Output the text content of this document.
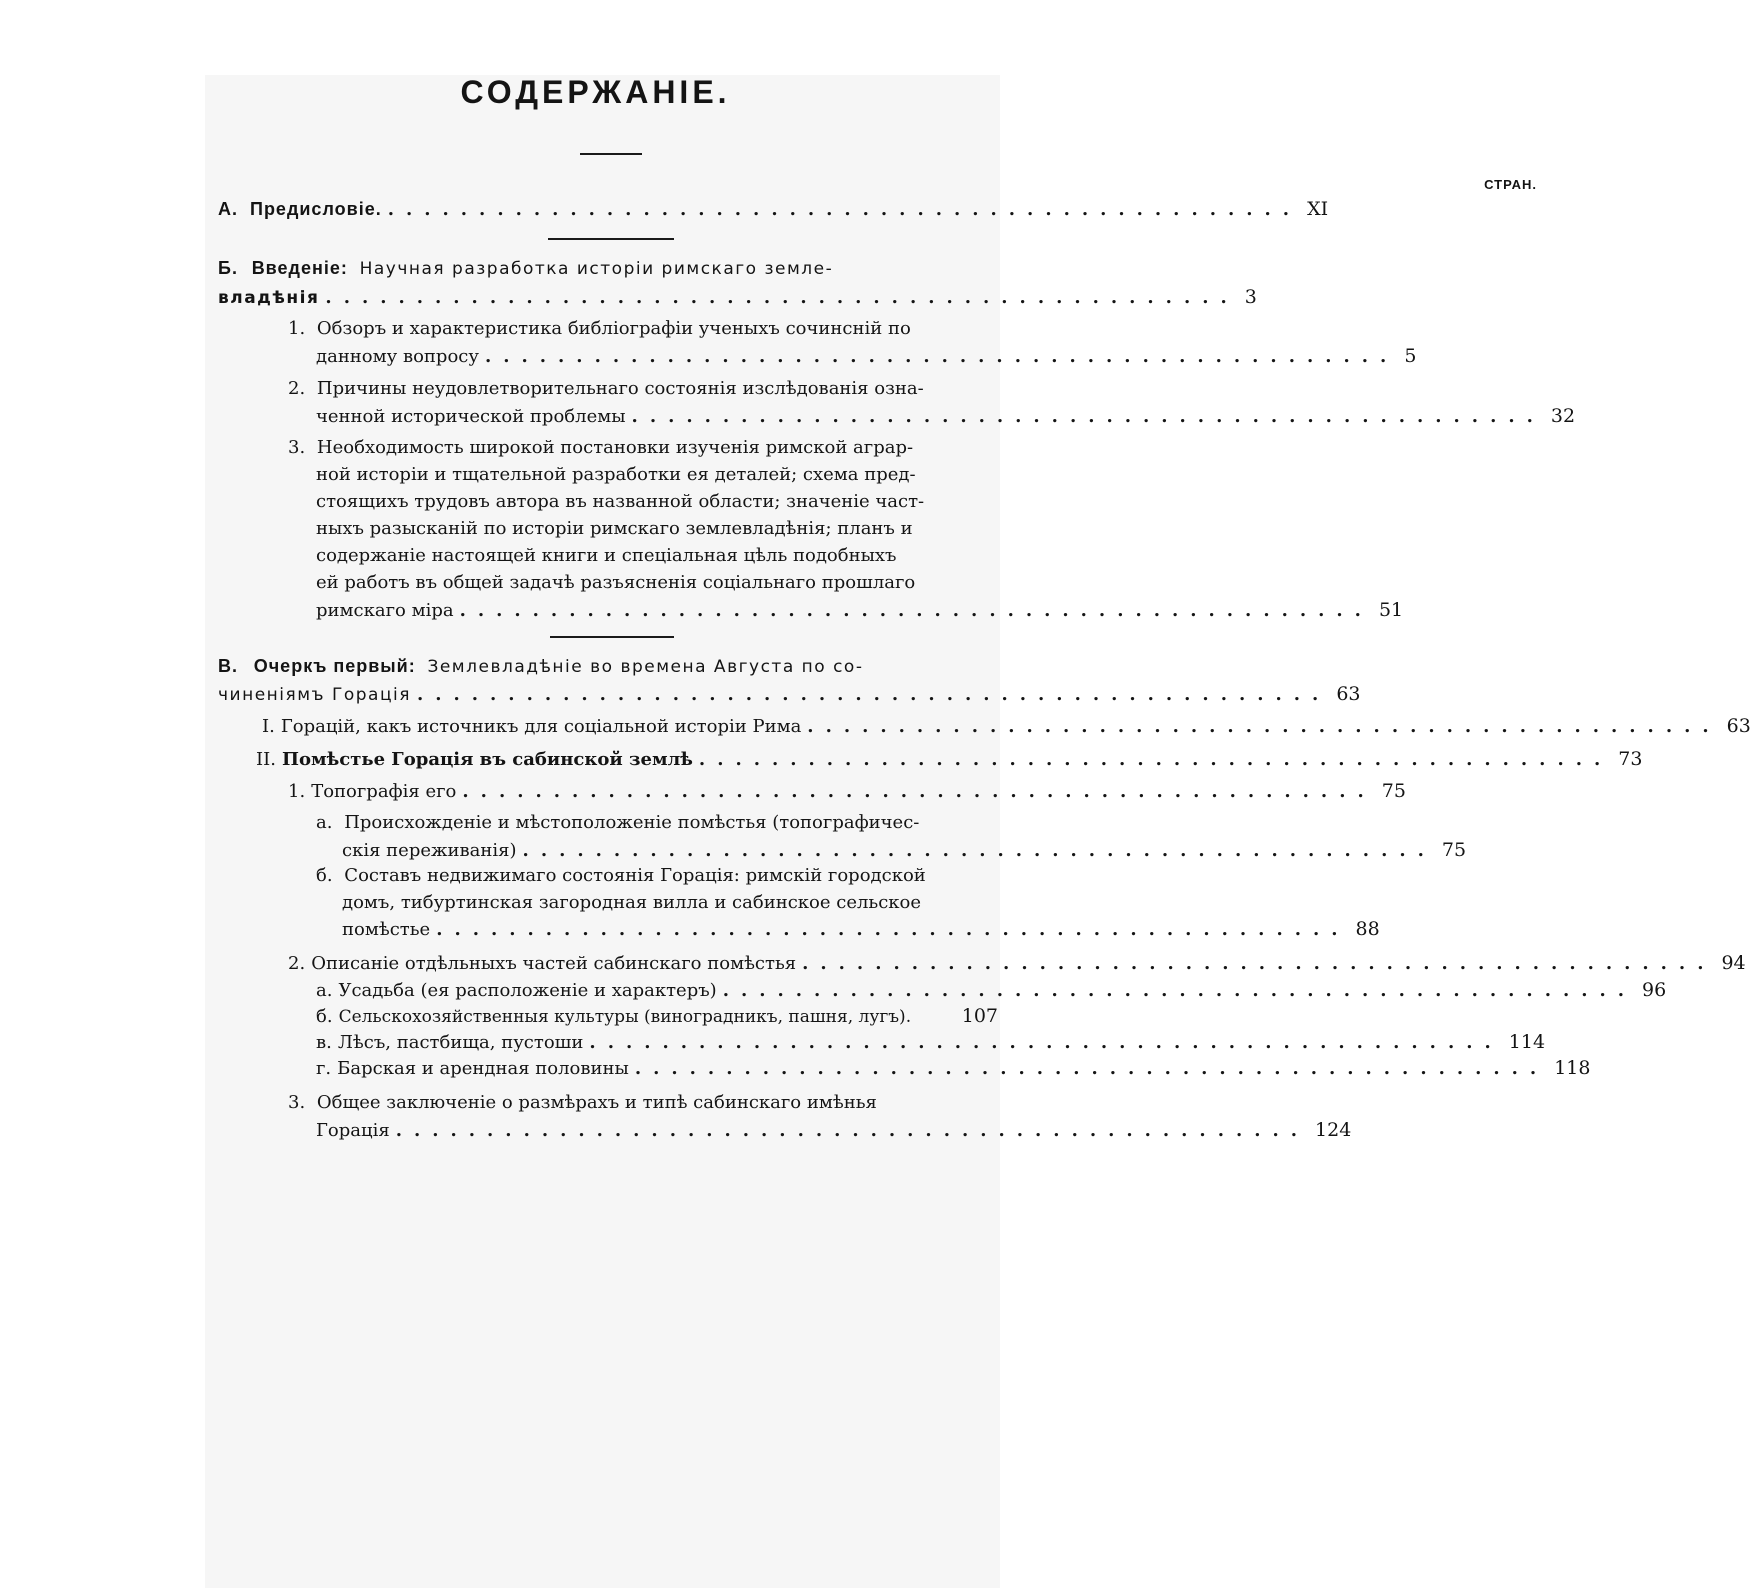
СОДЕРЖАНІЕ.
СТРАН.
А. Предисловіе. .................................................. XI
Б. Введеніе: Научная разработка исторіи римскаго земле-
владѣнія .................................................. 3
1. Обзоръ и характеристика библіографіи ученыхъ сочинсній по
данному вопросу .................................................. 5
2. Причины неудовлетворительнаго состоянія изслѣдованія озна-
ченной исторической проблемы .................................................. 32
3. Необходимость широкой постановки изученія римской аграр-
ной исторіи и тщательной разработки ея деталей; схема пред-
стоящихъ трудовъ автора въ названной области; значеніе част-
ныхъ разысканій по исторіи римскаго землевладѣнія; планъ и
содержаніе настоящей книги и спеціальная цѣль подобныхъ
ей работъ въ общей задачѣ разъясненія соціальнаго прошлаго
римскаго міра .................................................. 51
В. Очеркъ первый: Землевладѣніе во времена Августа по со-
чиненіямъ Горація .................................................. 63
I. Горацій, какъ источникъ для соціальной исторіи Рима .................................................. 63
II. Помѣстье Горація въ сабинской землѣ .................................................. 73
1. Топографія его .................................................. 75
а. Происхожденіе и мѣстоположеніе помѣстья (топографичес-
скія переживанія) .................................................. 75
б. Составъ недвижимаго состоянія Горація: римскій городской
домъ, тибуртинская загородная вилла и сабинское сельское
помѣстье .................................................. 88
2. Описаніе отдѣльныхъ частей сабинскаго помѣстья .................................................. 94
а. Усадьба (ея расположеніе и характеръ) .................................................. 96
б. Сельскохозяйственныя культуры (виноградникъ, пашня, лугъ).	107
в. Лѣсъ, пастбища, пустоши .................................................. 114
г. Барская и арендная половины .................................................. 118
3. Общее заключеніе о размѣрахъ и типѣ сабинскаго имѣнья
Горація .................................................. 124
